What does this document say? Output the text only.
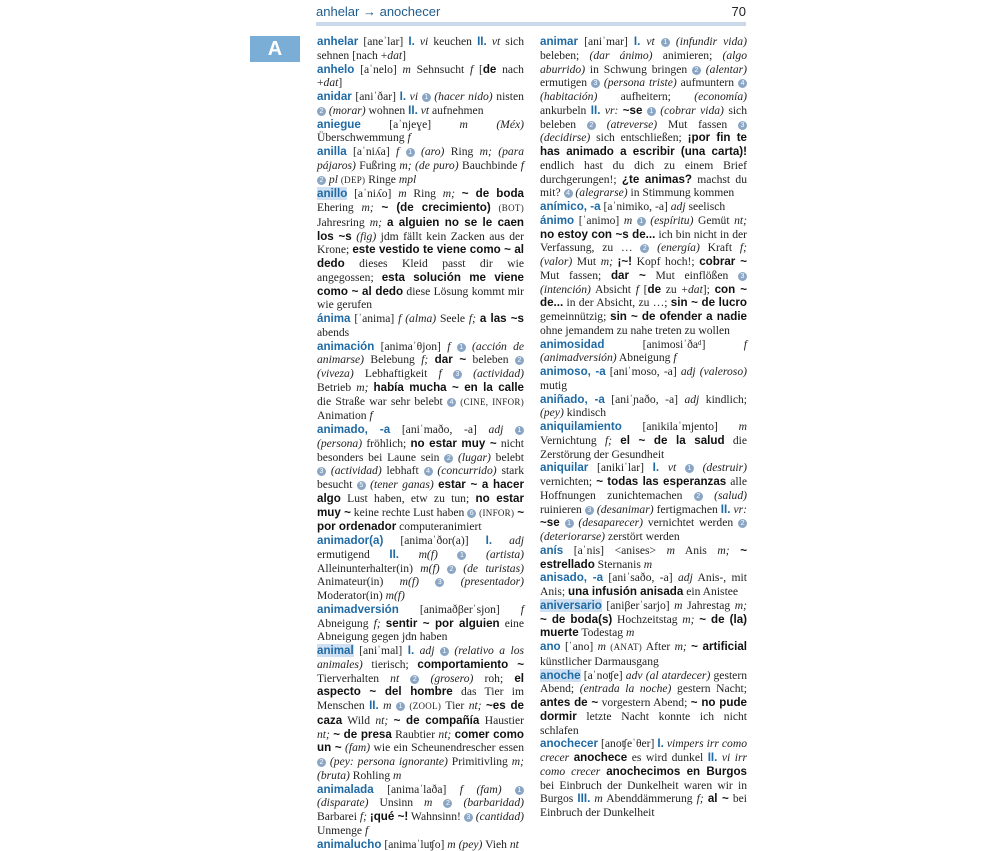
anhelar → anochecer	70
A	anhelar [aneˈlar] I. vi keuchen II. vt sich sehnen [nach +dat]
anhelo [aˈnelo] m Sehnsucht f [de nach +dat]
anidar [aniˈðar] I. vi 1 (hacer nido) nisten 2 (morar) wohnen II. vt aufnehmen
aniegue [aˈnjeɣe] m (Méx) Überschwemmung f
anilla [aˈniʎa] f 1 (aro) Ring m; (para pájaros) Fußring m; (de puro) Bauchbinde f 2 pl (DEP) Ringe mpl
anillo [aˈniʎo] m Ring m; ~ de boda Ehering m; ~ (de crecimiento) (BOT) Jahresring m; a alguien no se le caen los ~s (fig) jdm fällt kein Zacken aus der Krone; este vestido te viene como ~ al dedo dieses Kleid passt dir wie angegossen; esta solución me viene como ~ al dedo diese Lösung kommt mir wie gerufen
ánima [ˈanima] f (alma) Seele f; a las ~s abends
animación [animaˈθjon] f 1 (acción de animarse) Belebung f; dar ~ beleben 2 (viveza) Lebhaftigkeit f 3 (actividad) Betrieb m; había mucha ~ en la calle die Straße war sehr belebt 4 (CINE, INFOR) Animation f
animado, -a [aniˈmaðo, -a] adj 1 (persona) fröhlich; no estar muy ~ nicht besonders bei Laune sein 2 (lugar) belebt 3 (actividad) lebhaft 4 (concurrido) stark besucht 5 (tener ganas) estar ~ a hacer algo Lust haben, etw zu tun; no estar muy ~ keine rechte Lust haben 6 (INFOR) ~ por ordenador computeranimiert
animador(a) [animaˈðor(a)] I. adj ermutigend II. m(f)	1 (artista) Alleinunterhalter(in) m(f) 2 (de turistas) Animateur(in) m(f)	3 (presentador) Moderator(in) m(f)
animadversión [animaðβerˈsjon] f Abneigung f; sentir ~ por alguien eine Abneigung gegen jdn haben
animal [aniˈmal] I. adj 1 (relativo a los animales) tierisch; comportamiento ~ Tierverhalten nt 2 (grosero) roh; el aspecto ~ del hombre das Tier im Menschen II. m 1 (ZOOL) Tier nt; ~es de caza Wild nt; ~ de compañía Haustier nt; ~ de presa Raubtier nt; comer como un ~ (fam) wie ein Scheunendrescher essen 2 (pey: persona ignorante) Primitivling m; (bruta) Rohling m
animalada [animaˈlaða] f (fam) 1 (disparate) Unsinn m 2 (barbaridad) Barbarei f; ¡qué ~! Wahnsinn! 3 (cantidad) Unmenge f
animalucho [animaˈluʧo] m (pey) Vieh nt
animar [aniˈmar] I. vt 1 (infundir vida) beleben; (dar ánimo) animieren; (algo aburrido) in Schwung bringen 2 (alentar) ermutigen 3 (persona triste) aufmuntern 4 (habitación) aufheitern; (economía) ankurbeln II. vr: ~se 1 (cobrar vida) sich beleben 2 (atreverse) Mut fassen 3 (decidirse) sich entschließen; ¡por fin te has animado a escribir (una carta)! endlich hast du dich zu einem Brief durchgerungen!; ¿te animas? machst du mit? 4 (alegrarse) in Stimmung kommen
anímico, -a [aˈnimiko, -a] adj seelisch
ánimo [ˈanimo] m 1 (espíritu) Gemüt nt; no estoy con ~s de... ich bin nicht in der Verfassung, zu … 2 (energía) Kraft f; (valor) Mut m; ¡~! Kopf hoch!; cobrar ~ Mut fassen; dar ~ Mut einflößen 3 (intención) Absicht f [de zu +dat]; con ~ de... in der Absicht, zu …; sin ~ de lucro gemeinnützig; sin ~ de ofender a nadie ohne jemandem zu nahe treten zu wollen
animosidad [animosiˈðaᵈ] f (animadversión) Abneigung f
animoso, -a [aniˈmoso, -a] adj (valeroso) mutig
aniñado, -a [aniˈɲaðo, -a] adj kindlich; (pey) kindisch
aniquilamiento [anikilaˈmjento] m Vernichtung f; el ~ de la salud die Zerstörung der Gesundheit
aniquilar [anikiˈlar] I. vt 1 (destruir) vernichten; ~ todas las esperanzas alle Hoffnungen zunichtemachen 2 (salud) ruinieren 3 (desanimar) fertigmachen II. vr: ~se 1 (desaparecer) vernichtet werden 2 (deteriorarse) zerstört werden
anís [aˈnis] <anises> m Anis m; ~ estrellado Sternanis m
anisado, -a [aniˈsaðo, -a] adj Anis-, mit Anis; una infusión anisada ein Anistee
aniversario [aniβerˈsarjo] m Jahrestag m; ~ de boda(s) Hochzeitstag m; ~ de (la) muerte Todestag m
ano [ˈano] m (ANAT) After m; ~ artificial künstlicher Darmausgang
anoche [aˈnoʧe] adv (al atardecer) gestern Abend; (entrada la noche) gestern Nacht; antes de ~ vorgestern Abend; ~ no pude dormir letzte Nacht konnte ich nicht schlafen
anochecer [anoʧeˈθer] I. vimpers irr como crecer anochece es wird dunkel II. vi irr como crecer anochecimos en Burgos bei Einbruch der Dunkelheit waren wir in Burgos III. m Abenddämmerung f; al ~ bei Einbruch der Dunkelheit
